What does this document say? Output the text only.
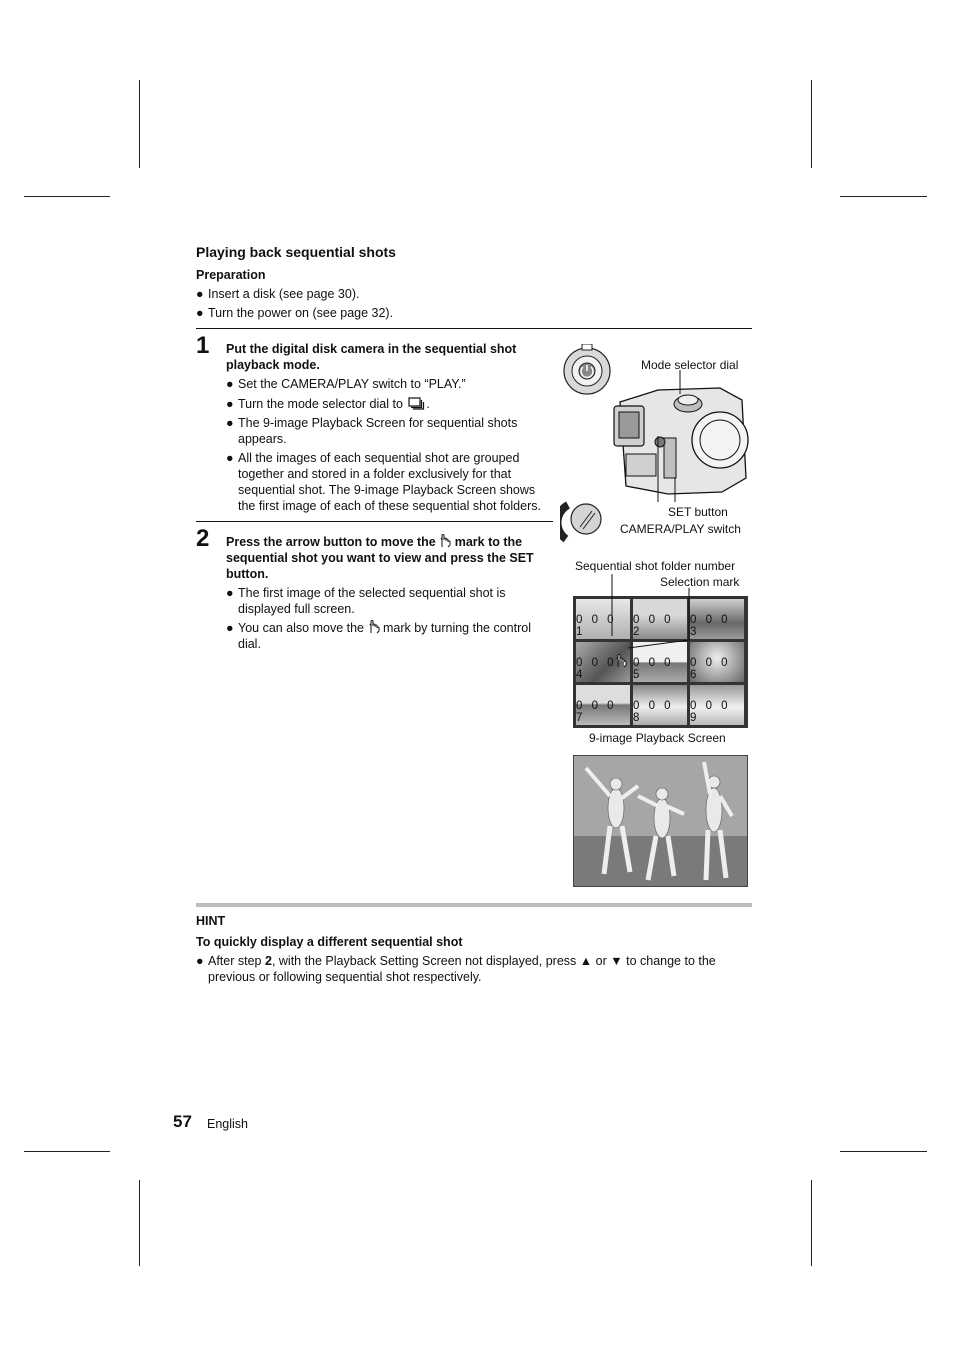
Playing back sequential shots
Preparation
● Insert a disk (see page 30).
● Turn the power on (see page 32).
1 Put the digital disk camera in the sequential shot
playback mode.
● Set the CAMERA/PLAY switch to “PLAY.”
● Turn the mode selector dial to .
● The 9-image Playback Screen for sequential shots
appears.
● All the images of each sequential shot are grouped
together and stored in a folder exclusively for that
sequential shot. The 9-image Playback Screen shows
the first image of each of these sequential shot folders.
2 Press the arrow button to move the mark to the
sequential shot you want to view and press the SET
button.
● The first image of the selected sequential shot is
displayed full screen.
● You can also move the mark by turning the control
dial.
Mode selector dial
SET button
CAMERA/PLAY switch
Sequential shot folder number
Selection mark
0 0 0 1
0 0 0 2
0 0 0 3
0 0 0 4
0 0 0 5
0 0 0 6
0 0 0 7
0 0 0 8
0 0 0 9
9-image Playback Screen
HINT
To quickly display a different sequential shot
● After step 2, with the Playback Setting Screen not displayed, press ▲ or ▼ to change to the
previous or following sequential shot respectively.
57 English
